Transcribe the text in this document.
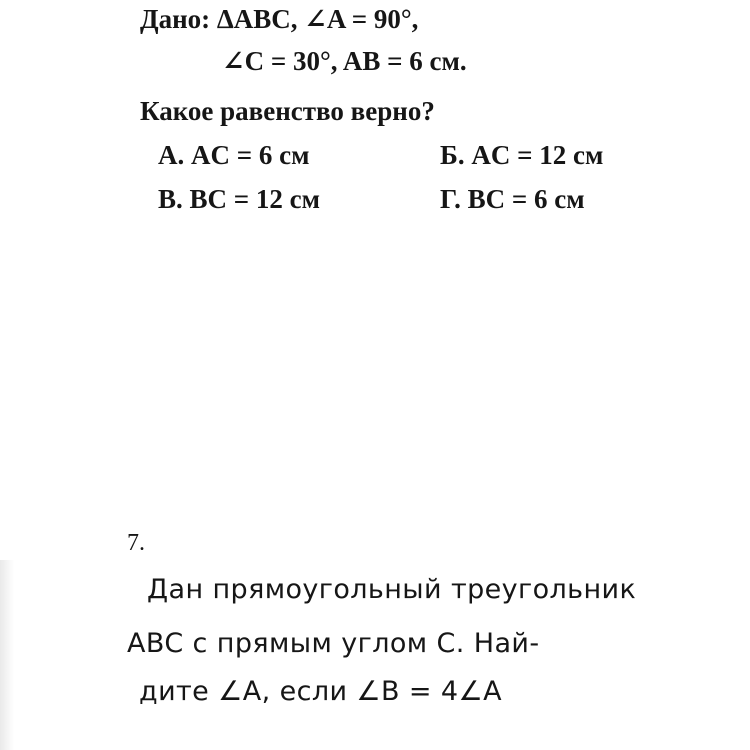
Дано: ΔABC, ∠A = 90°,
∠C = 30°, AB = 6 см.
Какое равенство верно?
А. AC = 6 см	Б. AC = 12 см
В. BC = 12 см	Г. BC = 6 см
7.
Дан прямоугольный треугольник
ABC с прямым углом C. Най-
дите ∠A, если ∠B = 4∠A
